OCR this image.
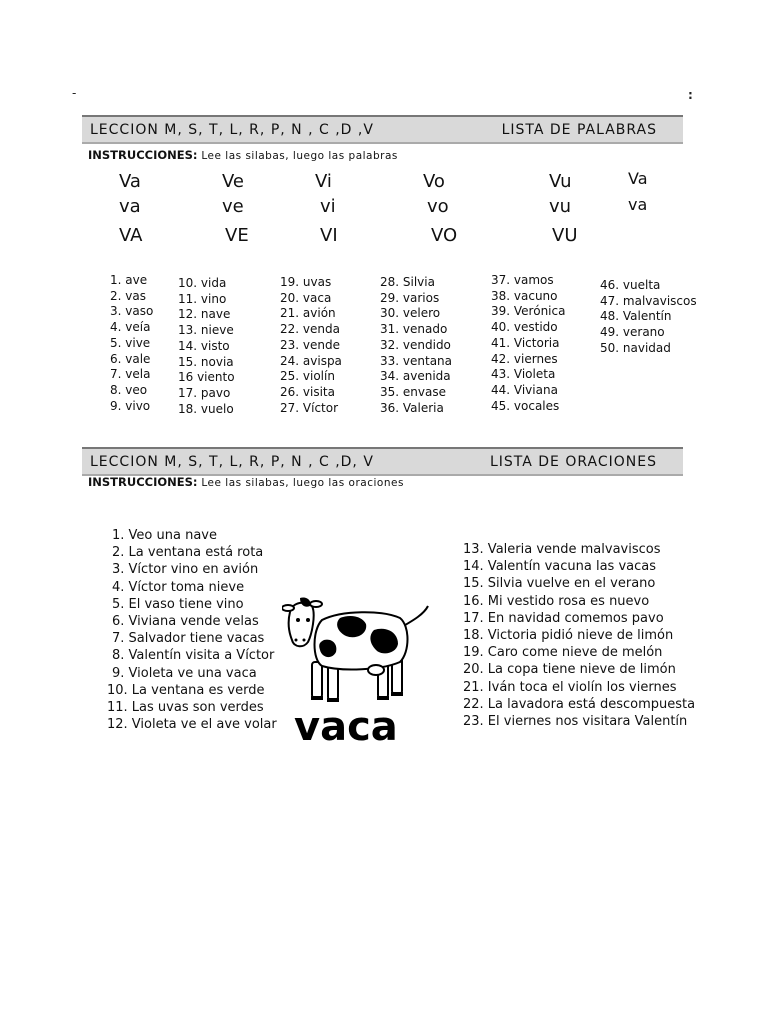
-	:
LECCION M, S, T, L, R, P, N , C ,D ,V	LISTA DE PALABRAS
INSTRUCCIONES: Lee las silabas, luego las palabras
Va	Ve	Vi	Vo	Vu	Va
va	ve	vi	vo	vu	va
VA	VE	VI	VO	VU
1. ave
2. vas
3. vaso
4. veía
5. vive
6. vale
7. vela
8. veo
9. vivo
10. vida
11. vino
12. nave
13. nieve
14. visto
15. novia
16 viento
17. pavo
18. vuelo
19. uvas
20. vaca
21. avión
22. venda
23. vende
24. avispa
25. violín
26. visita
27. Víctor
28. Silvia
29. varios
30. velero
31. venado
32. vendido
33. ventana
34. avenida
35. envase
36. Valeria
37. vamos
38. vacuno
39. Verónica
40. vestido
41. Victoria
42. viernes
43. Violeta
44. Viviana
45. vocales
46. vuelta
47. malvaviscos
48. Valentín
49. verano
50. navidad
LECCION M, S, T, L, R, P, N , C ,D, V	LISTA DE ORACIONES
INSTRUCCIONES: Lee las silabas, luego las oraciones
1. Veo una nave
2. La ventana está rota
3. Víctor vino en avión
4. Víctor toma nieve
5. El vaso tiene vino
6. Viviana vende velas
7. Salvador tiene vacas
8. Valentín visita a Víctor
9. Violeta ve una vaca
10. La ventana es verde
11. Las uvas son verdes
12. Violeta ve el ave volar
13. Valeria vende malvaviscos
14. Valentín vacuna las vacas
15. Silvia vuelve en el verano
16. Mi vestido rosa es nuevo
17. En navidad comemos pavo
18. Victoria pidió nieve de limón
19. Caro come nieve de melón
20. La copa tiene nieve de limón
21. Iván toca el violín los viernes
22. La lavadora está descompuesta
23. El viernes nos visitara Valentín
vaca
